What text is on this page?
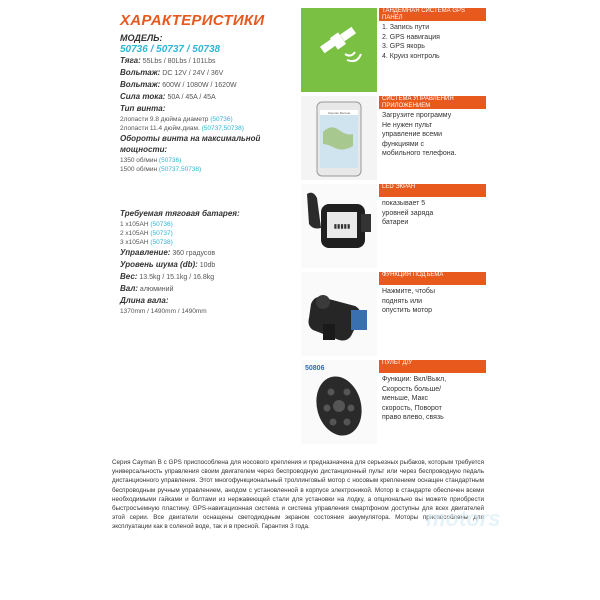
ХАРАКТЕРИСТИКИ
МОДЕЛЬ:
50736 / 50737 / 50738
Тяга: 55Lbs / 80Lbs / 101Lbs
Вольтаж: DC 12V / 24V / 36V
Вольтаж: 600W / 1080W / 1620W
Сила тока: 50A / 45A / 45A
Тип винта:
2лопасти 9.8 дюйма диаметр (50736)
2лопасти 11.4 дюйм.диам. (50737,50738)
Обороты винта на максимальной мощности:
1350 об/мин (50736)
1500 об/мин (50737,50738)
Требуемая тяговая батарея:
1 x105AH (50736)
2 x105AH (50737)
3 x105AH (50738)
Управление: 360 градусов
Уровень шума (db): 10db
Вес: 13.5kg / 15.1kg / 16.8kg
Вал: алюминий
Длина вала:
1370mm / 1490mm / 1490mm
ТАНДЕМНАЯ СИСТЕМА GPS ПАНЕЛ
1. Запись пути
2. GPS навигация
3. GPS якорь
4. Круиз контроль
Cayman Remote
СИСТЕМА УПРАВЛЕНИЯ ПРИЛОЖЕНИЕМ
Загрузите программу
Не нужен пульт
управление всеми
функциями с
мобильного телефона.
▮▮▮▮▮
LED ЭКРАН
показывает 5
уровней заряда
батареи
ФУНКЦИЯ ПОДЪЕМА
Нажмите, чтобы
поднять или
опустить мотор
50806
ПУЛЬТ Д/У
Функции: Вкл/Выкл,
Скорость больше/
меньше, Макс
скорость, Поворот
право влево, связь
Серия Cayman B с GPS приспособлена для носового крепления и предназначена для серьезных рыбаков, которым требуется универсальность управления своим двигателем через беспроводную дистанционный пульт или через беспроводную педаль дистанционного управления. Этот многофункциональный троллинговый мотор с носовым креплением оснащен стандартным беспроводным ручным управлением, анодом с установленной в корпусе электроникой. Мотор в стандарте обеспечен всеми необходимыми гайками и болтами из нержавеющей стали для установки на лодку, а опционально вы можете приобрести быстросъемную пластину. GPS-навигационная система и система управления смартфоном доступны для всех двигателей этой серии. Все двигатели оснащены светодиодным экраном состояния аккумулятора. Моторы приспособлены для эксплуатации как в соленой воде, так и в пресной. Гарантия 3 года.	motors
